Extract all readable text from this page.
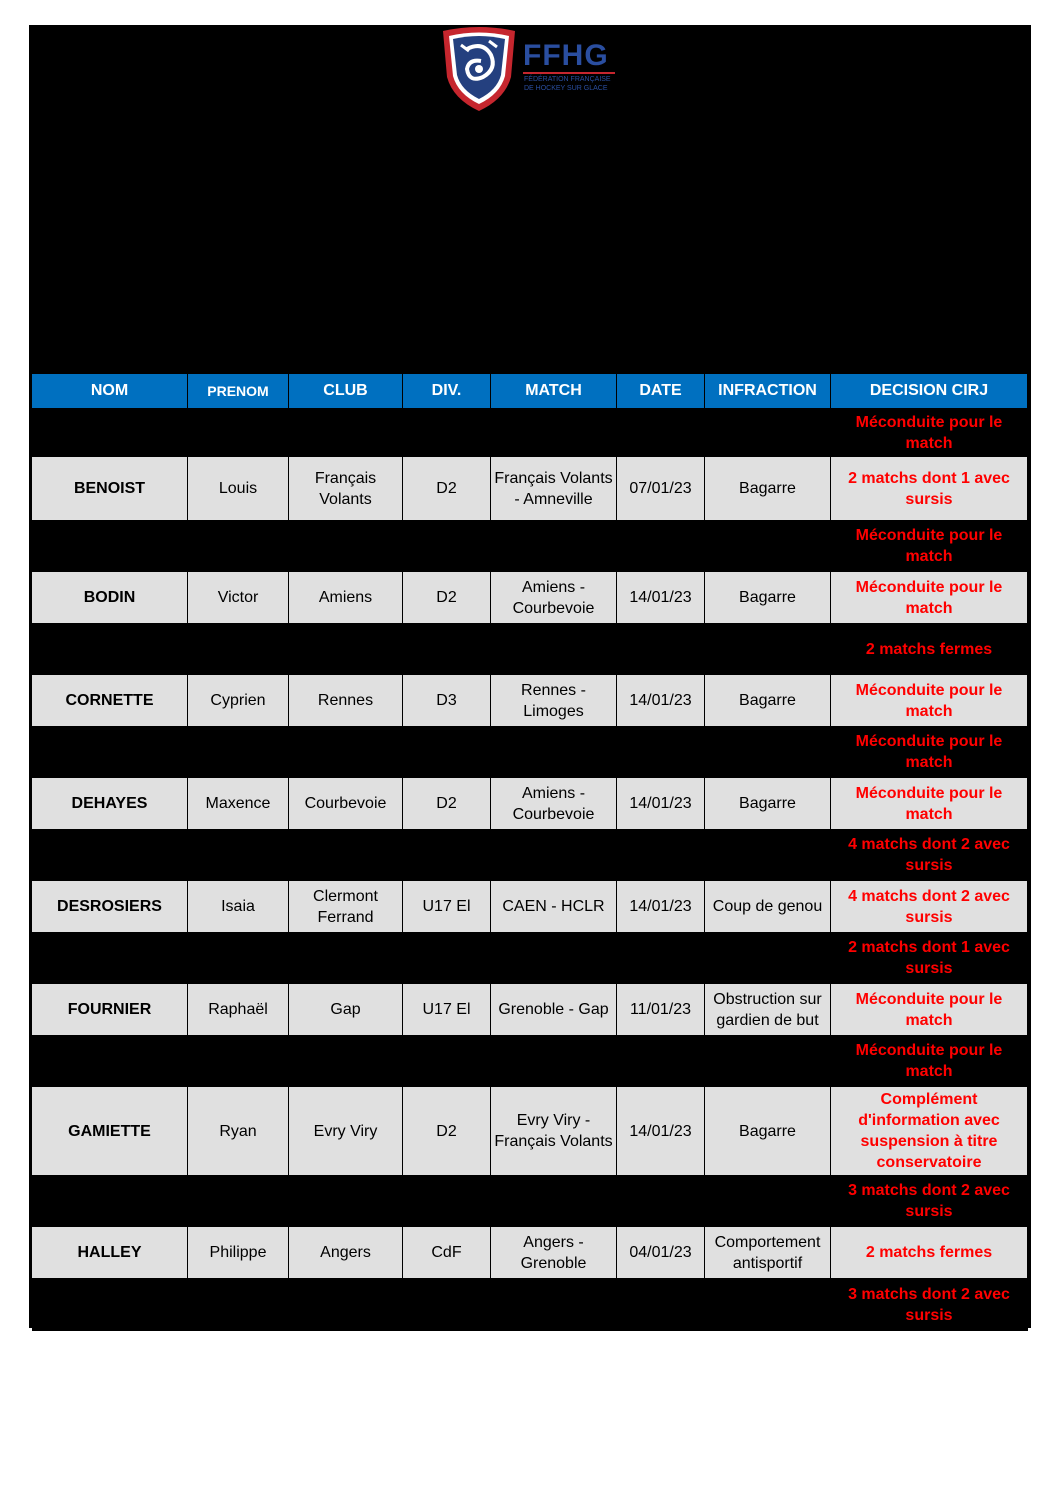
FFHG
FÉDÉRATION FRANÇAISE
DE HOCKEY SUR GLACE
NOM	PRENOM	CLUB	DIV.	MATCH	DATE	INFRACTION	DECISION CIRJ
							Méconduite pour le match
BENOIST	Louis	Français Volants	D2	Français Volants - Amneville	07/01/23	Bagarre	2 matchs dont 1 avec sursis
							Méconduite pour le match
BODIN	Victor	Amiens	D2	Amiens - Courbevoie	14/01/23	Bagarre	Méconduite pour le match
							2 matchs fermes
CORNETTE	Cyprien	Rennes	D3	Rennes - Limoges	14/01/23	Bagarre	Méconduite pour le match
							Méconduite pour le match
DEHAYES	Maxence	Courbevoie	D2	Amiens - Courbevoie	14/01/23	Bagarre	Méconduite pour le match
							4 matchs dont 2 avec sursis
DESROSIERS	Isaia	Clermont Ferrand	U17 El	CAEN - HCLR	14/01/23	Coup de genou	4 matchs dont 2 avec sursis
							2 matchs dont 1 avec sursis
FOURNIER	Raphaël	Gap	U17 El	Grenoble - Gap	11/01/23	Obstruction sur gardien de but	Méconduite pour le match
							Méconduite pour le match
GAMIETTE	Ryan	Evry Viry	D2	Evry Viry - Français Volants	14/01/23	Bagarre	Complément d'information avec suspension à titre conservatoire
							3 matchs dont 2 avec sursis
HALLEY	Philippe	Angers	CdF	Angers - Grenoble	04/01/23	Comportement antisportif	2 matchs fermes
							3 matchs dont 2 avec sursis
